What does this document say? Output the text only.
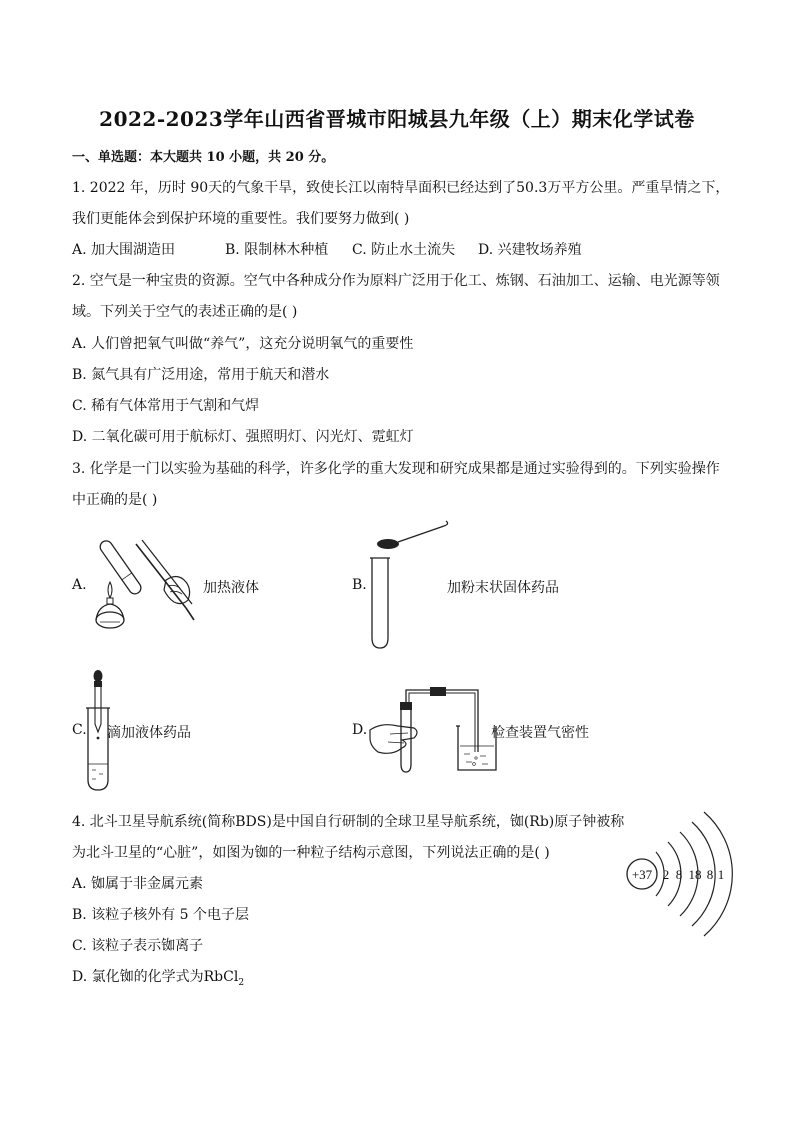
2022-2023学年山西省晋城市阳城县九年级（上）期末化学试卷
一、单选题：本大题共 10 小题，共 20 分。
1. 2022 年，历时 90天的气象干旱，致使长江以南特旱面积已经达到了50.3万平方公里。严重旱情之下，
我们更能体会到保护环境的重要性。我们要努力做到( )
A. 加大围湖造田	B. 限制林木种植 C. 防止水土流失 D. 兴建牧场养殖
2. 空气是一种宝贵的资源。空气中各种成分作为原料广泛用于化工、炼钢、石油加工、运输、电光源等领
域。下列关于空气的表述正确的是( )
A. 人们曾把氧气叫做“养气”，这充分说明氧气的重要性
B. 氮气具有广泛用途，常用于航天和潜水
C. 稀有气体常用于气割和气焊
D. 二氧化碳可用于航标灯、强照明灯、闪光灯、霓虹灯
3. 化学是一门以实验为基础的科学，许多化学的重大发现和研究成果都是通过实验得到的。下列实验操作
中正确的是( )
A.	加热液体	B.	加粉末状固体药品
C. 滴加液体药品	D.	检查装置气密性
4. 北斗卫星导航系统(简称BDS)是中国自行研制的全球卫星导航系统，铷(Rb)原子钟被称
为北斗卫星的“心脏”，如图为铷的一种粒子结构示意图，下列说法正确的是( )
A. 铷属于非金属元素
B. 该粒子核外有 5 个电子层
C. 该粒子表示铷离子
D. 氯化铷的化学式为RbCl$_2$
+37 2 8 18 8 1
